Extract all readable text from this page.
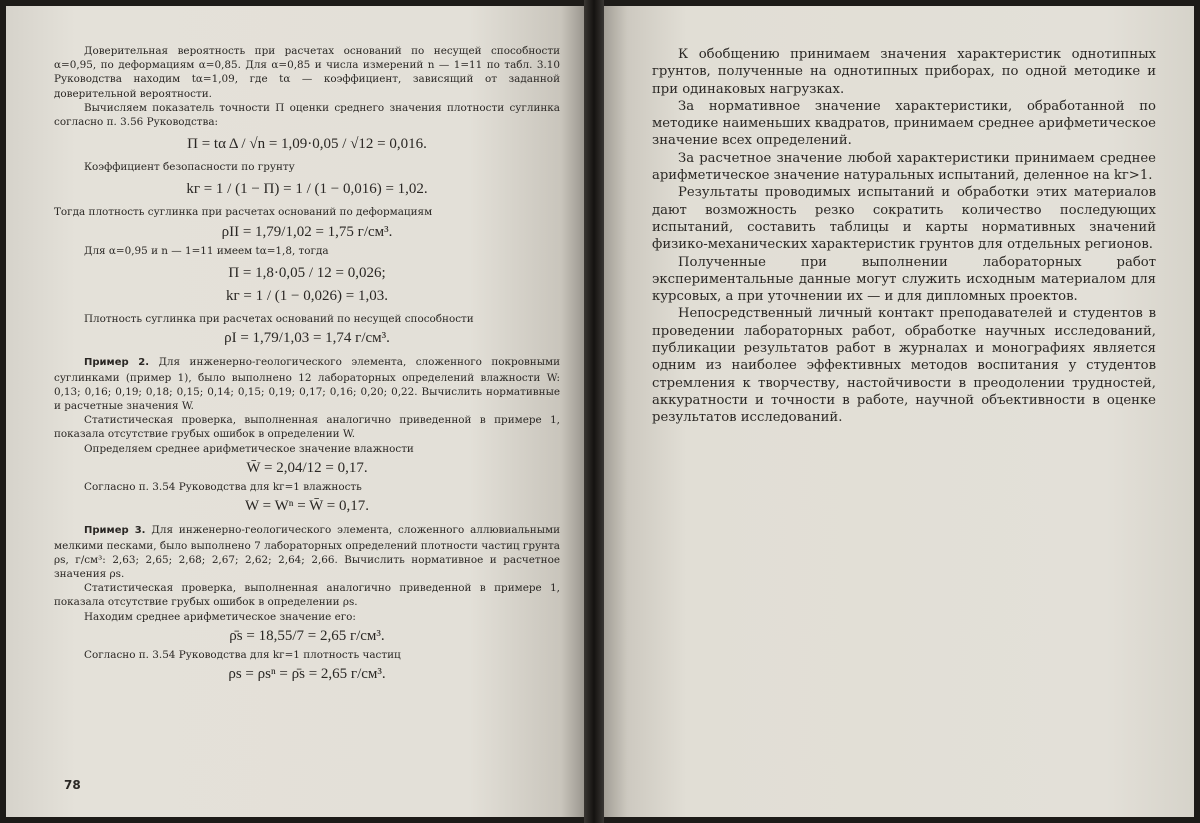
Доверительная вероятность при расчетах оснований по несущей способности α=0,95, по деформациям α=0,85. Для α=0,85 и числа измерений n — 1=11 по табл. 3.10 Руководства находим tα=1,09, где tα — коэффициент, зависящий от заданной доверительной вероятности.

Вычисляем показатель точности П оценки среднего значения плотности суглинка согласно п. 3.56 Руководства:

П = tα Δ / √n = 1,09·0,05 / √12 = 0,016.

Коэффициент безопасности по грунту

kг = 1 / (1 − П) = 1 / (1 − 0,016) = 1,02.

Тогда плотность суглинка при расчетах оснований по деформациям

ρII = 1,79/1,02 = 1,75 г/см³.

Для α=0,95 и n — 1=11 имеем tα=1,8, тогда

П = 1,8·0,05 / 12 = 0,026;
kг = 1 / (1 − 0,026) = 1,03.

Плотность суглинка при расчетах оснований по несущей способности

ρI = 1,79/1,03 = 1,74 г/см³.

Пример 2. Для инженерно-геологического элемента, сложенного покровными суглинками (пример 1), было выполнено 12 лабораторных определений влажности W: 0,13; 0,16; 0,19; 0,18; 0,15; 0,14; 0,15; 0,19; 0,17; 0,16; 0,20; 0,22. Вычислить нормативные и расчетные значения W.

Статистическая проверка, выполненная аналогично приведенной в примере 1, показала отсутствие грубых ошибок в определении W.

Определяем среднее арифметическое значение влажности

W̄ = 2,04/12 = 0,17.

Согласно п. 3.54 Руководства для kг=1 влажность

W = Wⁿ = W̄ = 0,17.

Пример 3. Для инженерно-геологического элемента, сложенного аллювиальными мелкими песками, было выполнено 7 лабораторных определений плотности частиц грунта ρs, г/см³: 2,63; 2,65; 2,68; 2,67; 2,62; 2,64; 2,66. Вычислить нормативное и расчетное значения ρs.

Статистическая проверка, выполненная аналогично приведенной в примере 1, показала отсутствие грубых ошибок в определении ρs.

Находим среднее арифметическое значение его:

ρ̄s = 18,55/7 = 2,65 г/см³.

Согласно п. 3.54 Руководства для kг=1 плотность частиц

ρs = ρsⁿ = ρ̄s = 2,65 г/см³.
78

К обобщению принимаем значения характеристик однотипных грунтов, полученные на однотипных приборах, по одной методике и при одинаковых нагрузках.

За нормативное значение характеристики, обработанной по методике наименьших квадратов, принимаем среднее арифметическое значение всех определений.

За расчетное значение любой характеристики принимаем среднее арифметическое значение натуральных испытаний, деленное на kг>1.

Результаты проводимых испытаний и обработки этих материалов дают возможность резко сократить количество последующих испытаний, составить таблицы и карты нормативных значений физико-механических характеристик грунтов для отдельных регионов.

Полученные при выполнении лабораторных работ экспериментальные данные могут служить исходным материалом для курсовых, а при уточнении их — и для дипломных проектов.

Непосредственный личный контакт преподавателей и студентов в проведении лабораторных работ, обработке научных исследований, публикации результатов работ в журналах и монографиях является одним из наиболее эффективных методов воспитания у студентов стремления к творчеству, настойчивости в преодолении трудностей, аккуратности и точности в работе, научной объективности в оценке результатов исследований.
